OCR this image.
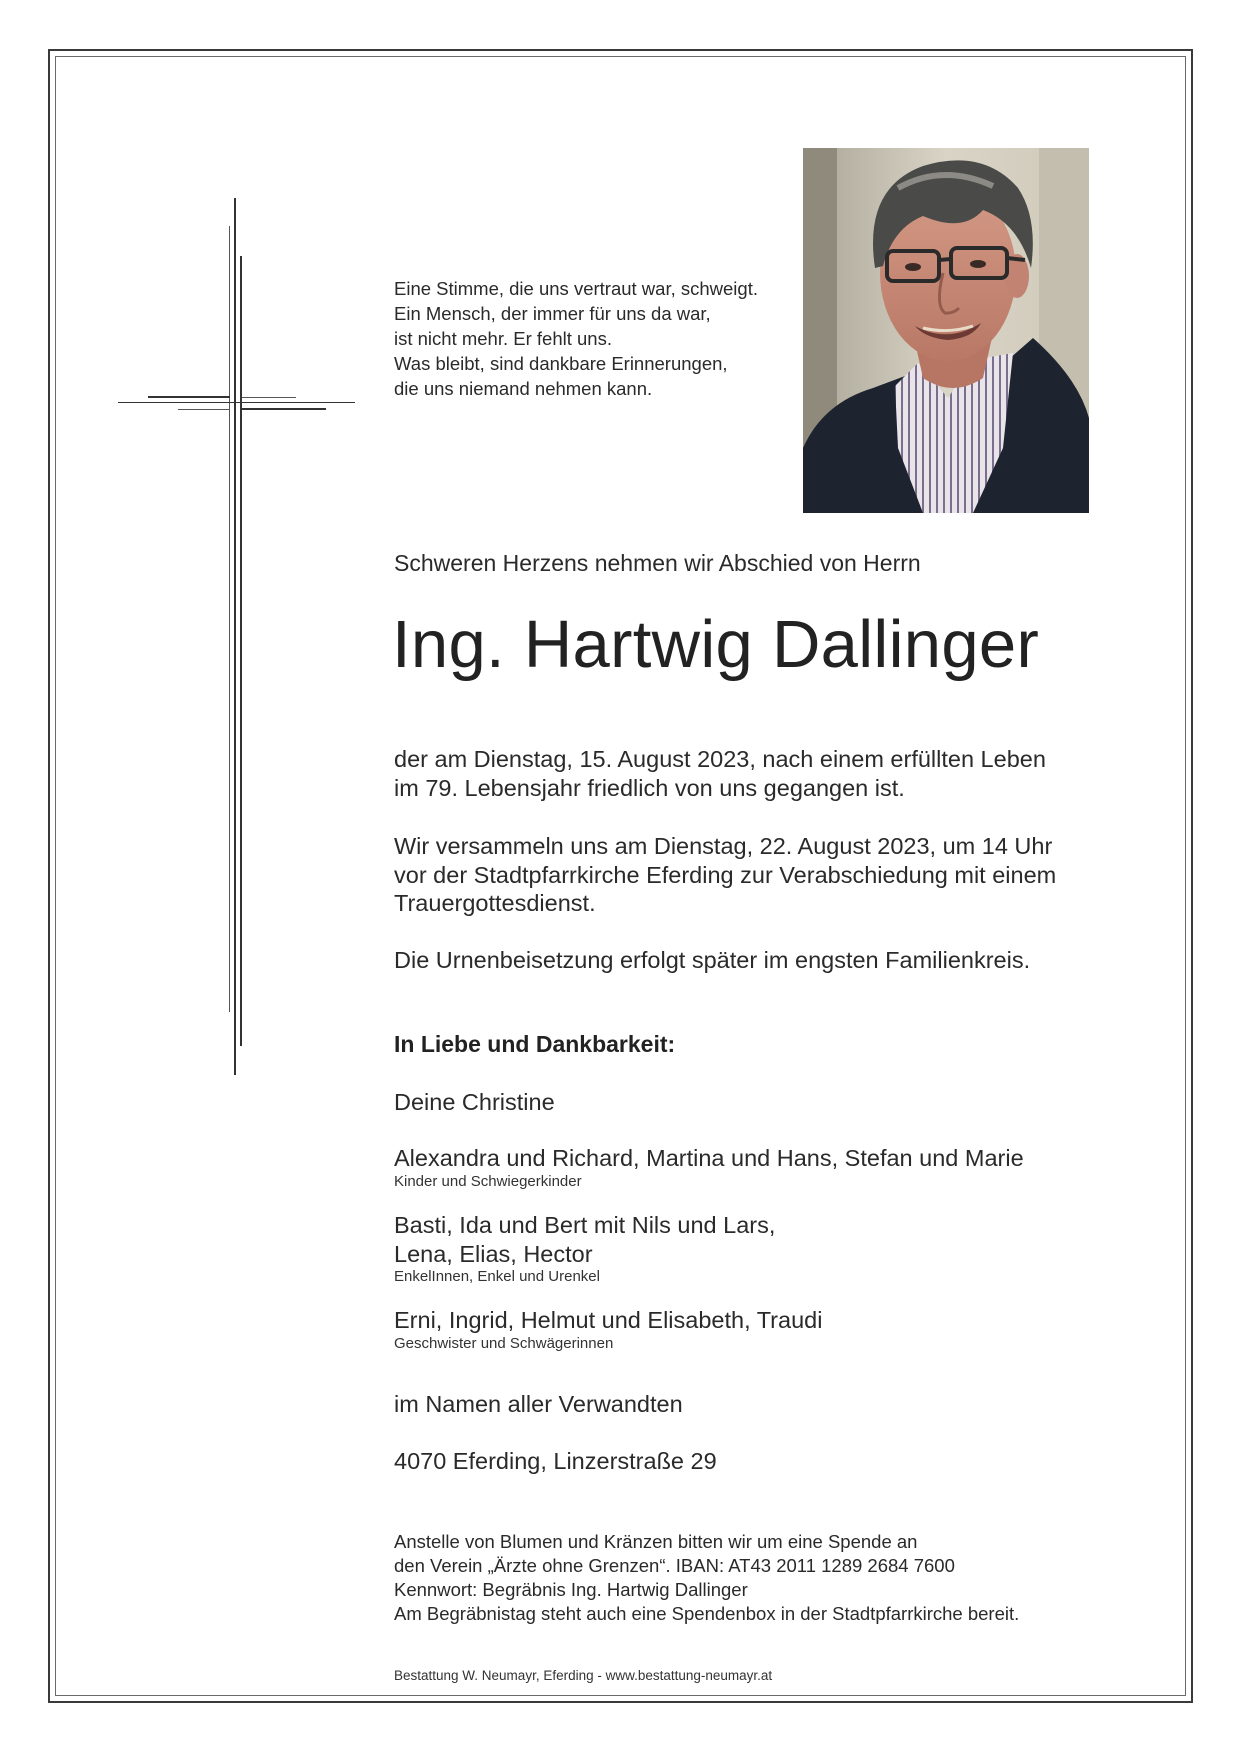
Eine Stimme, die uns vertraut war, schweigt.
Ein Mensch, der immer für uns da war,
ist nicht mehr. Er fehlt uns.
Was bleibt, sind dankbare Erinnerungen,
die uns niemand nehmen kann.
Schweren Herzens nehmen wir Abschied von Herrn
Ing. Hartwig Dallinger
der am Dienstag, 15. August 2023, nach einem erfüllten Leben
im 79. Lebensjahr friedlich von uns gegangen ist.
Wir versammeln uns am Dienstag, 22. August 2023, um 14 Uhr
vor der Stadtpfarrkirche Eferding zur Verabschiedung mit einem
Trauergottesdienst.
Die Urnenbeisetzung erfolgt später im engsten Familienkreis.
In Liebe und Dankbarkeit:
Deine Christine
Alexandra und Richard, Martina und Hans, Stefan und Marie
Kinder und Schwiegerkinder
Basti, Ida und Bert mit Nils und Lars,
Lena, Elias, Hector
EnkelInnen, Enkel und Urenkel
Erni, Ingrid, Helmut und Elisabeth, Traudi
Geschwister und Schwägerinnen
im Namen aller Verwandten
4070 Eferding, Linzerstraße 29
Anstelle von Blumen und Kränzen bitten wir um eine Spende an
den Verein „Ärzte ohne Grenzen“. IBAN: AT43 2011 1289 2684 7600
Kennwort: Begräbnis Ing. Hartwig Dallinger
Am Begräbnistag steht auch eine Spendenbox in der Stadtpfarrkirche bereit.
Bestattung W. Neumayr, Eferding - www.bestattung-neumayr.at
